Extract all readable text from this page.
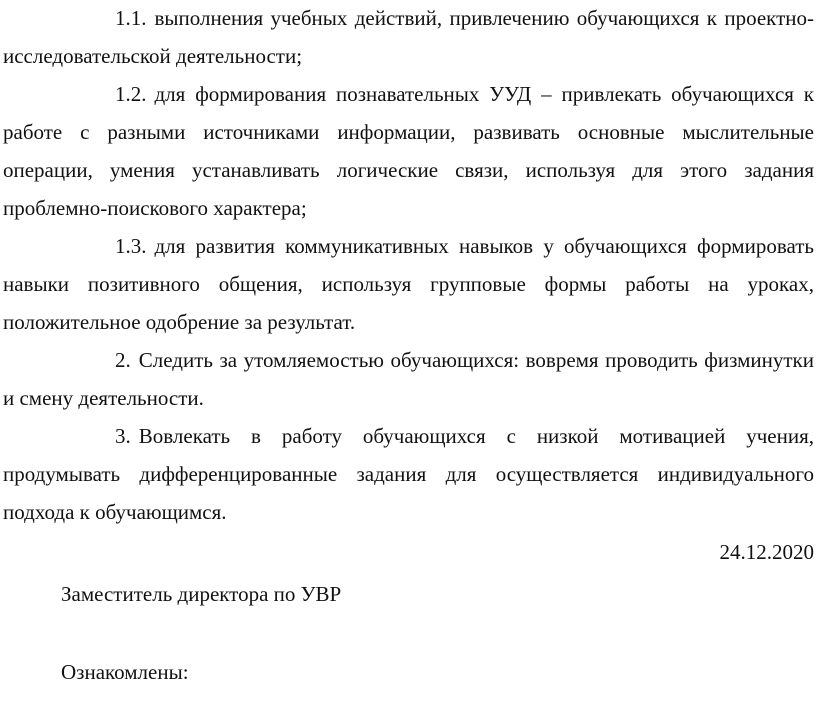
1.1. выполнения учебных действий, привлечению обучающихся к проектно-исследовательской деятельности;

1.2. для формирования познавательных УУД – привлекать обучающихся к работе с разными источниками информации, развивать основные мыслительные операции, умения устанавливать логические связи, используя для этого задания проблемно-поискового характера;

1.3. для развития коммуникативных навыков у обучающихся формировать навыки позитивного общения, используя групповые формы работы на уроках, положительное одобрение за результат.

2. Следить за утомляемостью обучающихся: вовремя проводить физминутки и смену деятельности.

3. Вовлекать в работу обучающихся с низкой мотивацией учения, продумывать дифференцированные задания для осуществляется индивидуального подхода к обучающимся.

24.12.2020

Заместитель директора по УВР

Ознакомлены:
